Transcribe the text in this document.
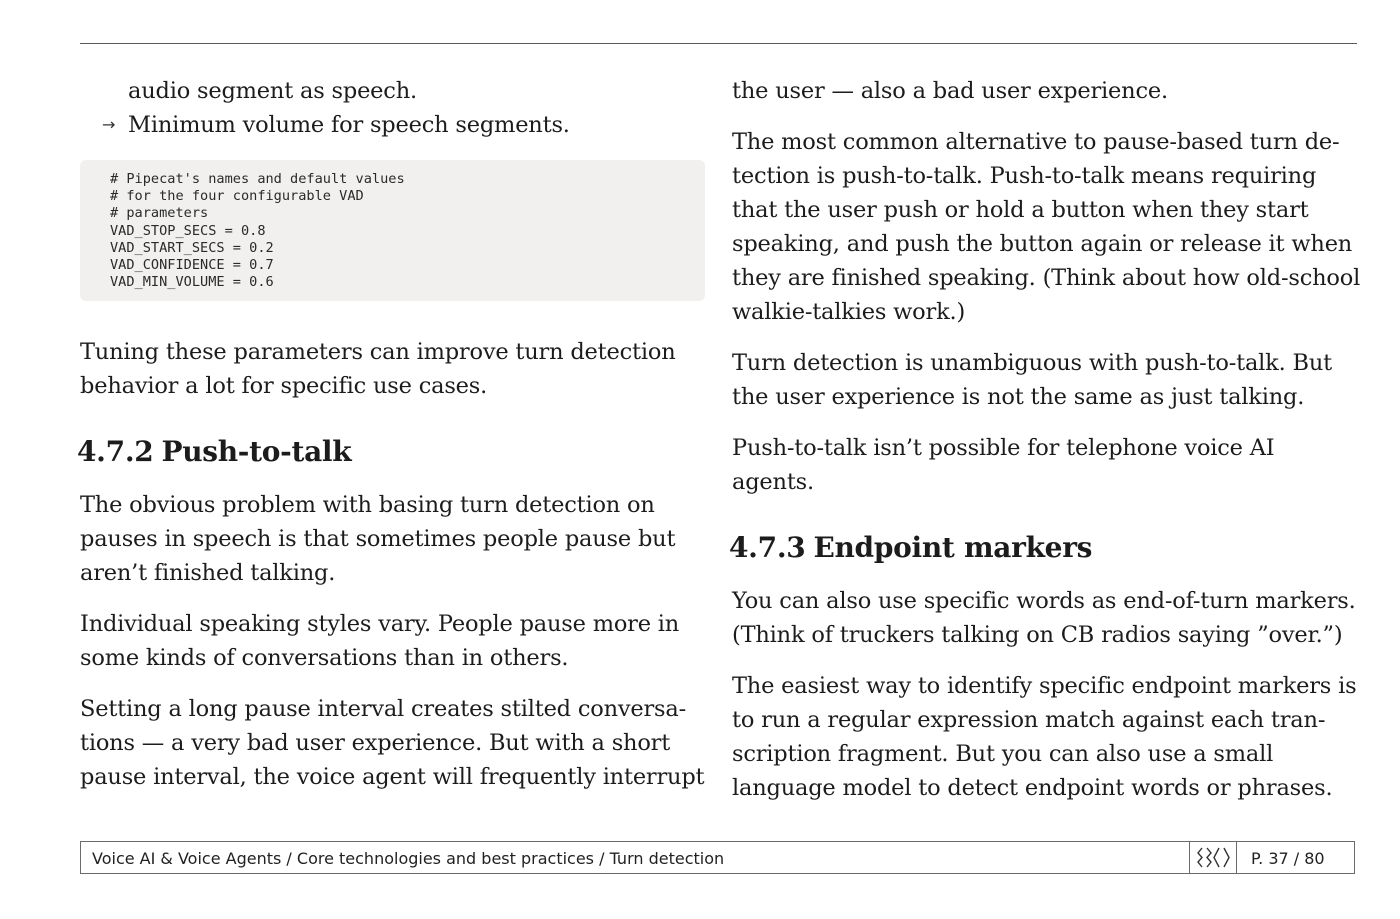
audio segment as speech.

→ Minimum volume for speech segments.

# Pipecat's names and default values
# for the four configurable VAD
# parameters
VAD_STOP_SECS = 0.8
VAD_START_SECS = 0.2
VAD_CONFIDENCE = 0.7
VAD_MIN_VOLUME = 0.6

Tuning these parameters can improve turn detection behavior a lot for specific use cases.

4.7.2 Push-to-talk

The obvious problem with basing turn detection on pauses in speech is that sometimes people pause but aren’t finished talking.

Individual speaking styles vary. People pause more in some kinds of conversations than in others.

Setting a long pause interval creates stilted conversations — a very bad user experience. But with a short pause interval, the voice agent will frequently interrupt

the user — also a bad user experience.

The most common alternative to pause-based turn detection is push-to-talk. Push-to-talk means requiring that the user push or hold a button when they start speaking, and push the button again or release it when they are finished speaking. (Think about how old-school walkie-talkies work.)

Turn detection is unambiguous with push-to-talk. But the user experience is not the same as just talking.

Push-to-talk isn’t possible for telephone voice AI agents.

4.7.3 Endpoint markers

You can also use specific words as end-of-turn markers. (Think of truckers talking on CB radios saying ”over.”)

The easiest way to identify specific endpoint markers is to run a regular expression match against each transcription fragment. But you can also use a small language model to detect endpoint words or phrases.

Voice AI & Voice Agents / Core technologies and best practices / Turn detection	P. 37 / 80
